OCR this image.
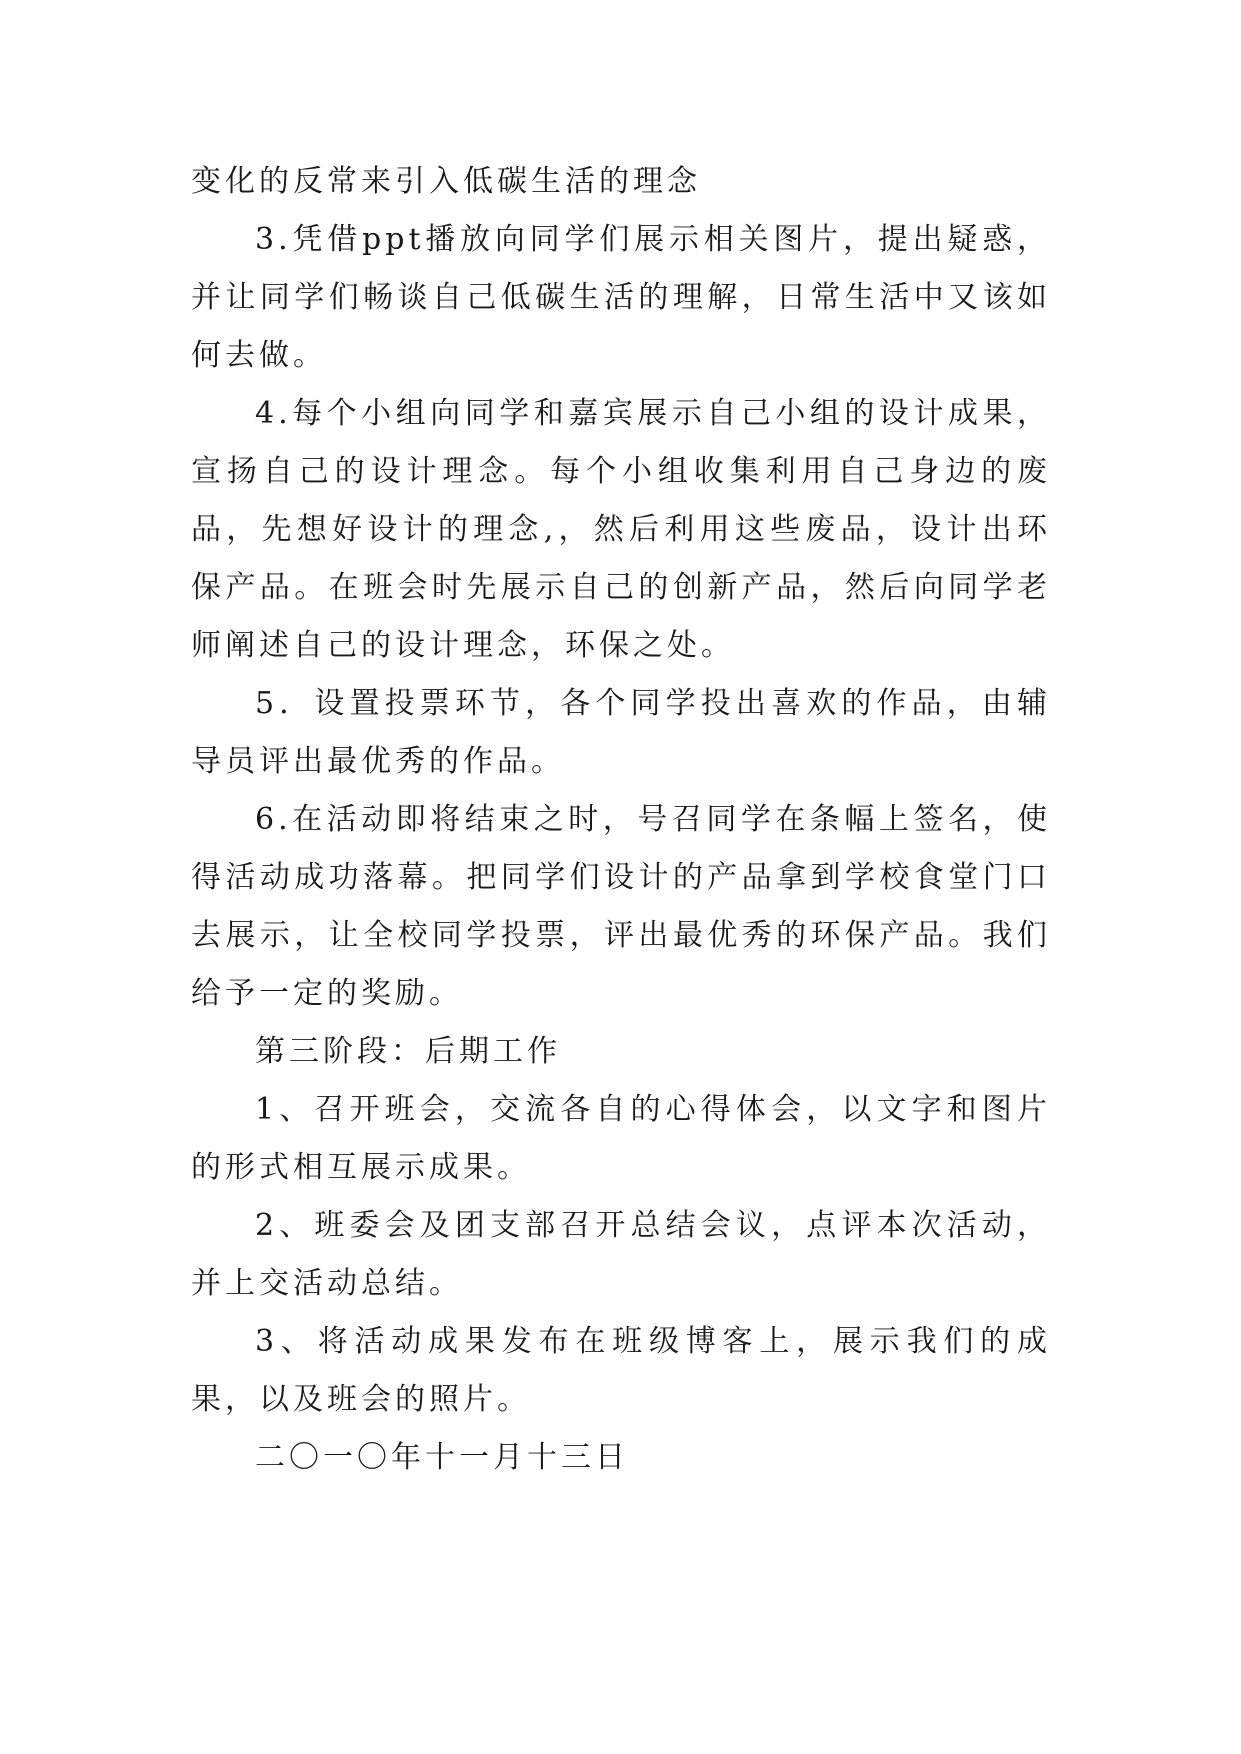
变化的反常来引入低碳生活的理念

3.凭借ppt播放向同学们展示相关图片，提出疑惑，并让同学们畅谈自己低碳生活的理解，日常生活中又该如何去做。

4.每个小组向同学和嘉宾展示自己小组的设计成果，宣扬自己的设计理念。每个小组收集利用自己身边的废品，先想好设计的理念,，然后利用这些废品，设计出环保产品。在班会时先展示自己的创新产品，然后向同学老师阐述自己的设计理念，环保之处。

5．设置投票环节，各个同学投出喜欢的作品，由辅导员评出最优秀的作品。

6.在活动即将结束之时，号召同学在条幅上签名，使得活动成功落幕。把同学们设计的产品拿到学校食堂门口去展示，让全校同学投票，评出最优秀的环保产品。我们给予一定的奖励。

第三阶段：后期工作

1、召开班会，交流各自的心得体会，以文字和图片的形式相互展示成果。

2、班委会及团支部召开总结会议，点评本次活动，并上交活动总结。

3、将活动成果发布在班级博客上，展示我们的成果，以及班会的照片。

二〇一〇年十一月十三日
